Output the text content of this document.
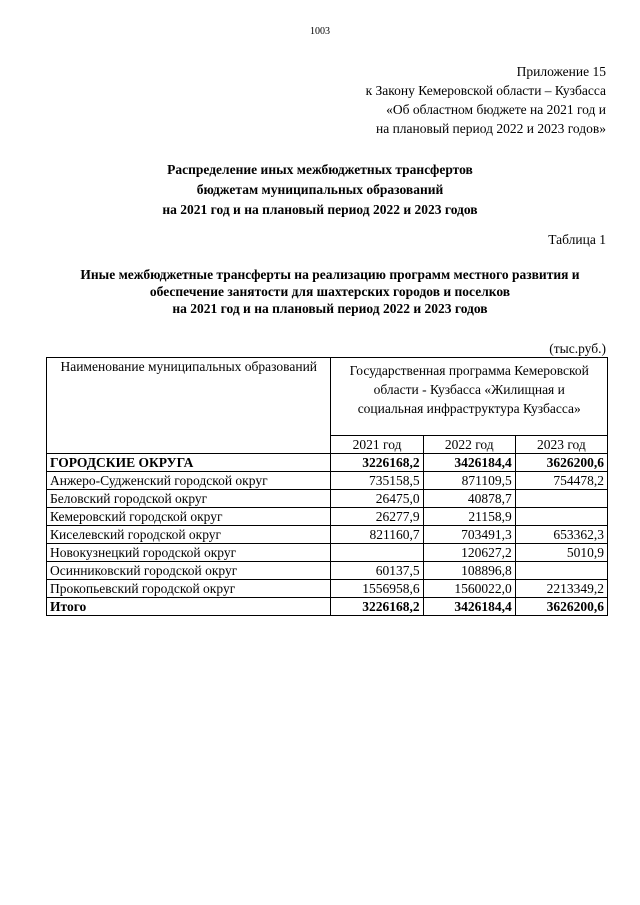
1003
Приложение 15
к Закону Кемеровской области – Кузбасса
«Об областном бюджете на 2021 год и
на плановый период 2022 и 2023 годов»
Распределение иных межбюджетных трансфертов
бюджетам муниципальных образований
на 2021 год и на плановый период 2022 и 2023 годов
Таблица 1
Иные межбюджетные трансферты на реализацию программ местного развития и
обеспечение занятости для шахтерских городов и поселков
на 2021 год и на плановый период 2022 и 2023 годов
(тыс.руб.)
Наименование муниципальных образований	Государственная программа Кемеровской
области - Кузбасса «Жилищная и
социальная инфраструктура Кузбасса»		

	2021 год	2022 год	2023 год
ГОРОДСКИЕ ОКРУГА	3226168,2	3426184,4	3626200,6
Анжеро-Судженский городской округ	735158,5	871109,5	754478,2
Беловский городской округ	26475,0	40878,7	
Кемеровский городской округ	26277,9	21158,9	
Киселевский городской округ	821160,7	703491,3	653362,3
Новокузнецкий городской округ		120627,2	5010,9
Осинниковский городской округ	60137,5	108896,8	
Прокопьевский городской округ	1556958,6	1560022,0	2213349,2
Итого	3226168,2	3426184,4	3626200,6
